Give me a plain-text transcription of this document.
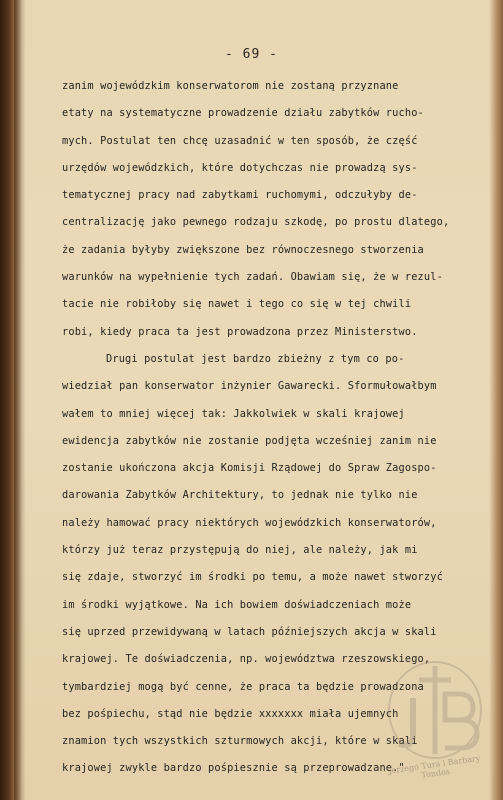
- 69 -
zanim wojewódzkim konserwatorom nie zostaną przyznane
etaty na systematyczne prowadzenie działu zabytków rucho-
mych. Postulat ten chcę uzasadnić w ten sposób, że część
urzędów wojewódzkich, które dotychczas nie prowadzą sys-
tematycznej pracy nad zabytkami ruchomymi, odczułyby de-
centralizację jako pewnego rodzaju szkodę, po prostu dlatego,
że zadania byłyby zwiększone bez równoczesnego stworzenia
warunków na wypełnienie tych zadań. Obawiam się, że w rezul-
tacie nie robiłoby się nawet i tego co się w tej chwili
robi, kiedy praca ta jest prowadzona przez Ministerstwo.
Drugi postulat jest bardzo zbieżny z tym co po-
wiedział pan konserwator inżynier Gawarecki. Sformułowałbym
wałem to mniej więcej tak: Jakkolwiek w skali krajowej
ewidencja zabytków nie zostanie podjęta wcześniej zanim nie
zostanie ukończona akcja Komisji Rządowej do Spraw Zagospo-
darowania Zabytków Architektury, to jednak nie tylko nie
należy hamować pracy niektórych wojewódzkich konserwatorów,
którzy już teraz przystępują do niej, ale należy, jak mi
się zdaje, stworzyć im środki po temu, a może nawet stworzyć
im środki wyjątkowe. Na ich bowiem doświadczeniach może
się uprzed przewidywaną w latach późniejszych akcja w skali
krajowej. Te doświadczenia, np. województwa rzeszowskiego,
tymbardziej mogą być cenne, że praca ta będzie prowadzona
bez pośpiechu, stąd nie będzie xxxxxxx miała ujemnych
znamion tych wszystkich szturmowych akcji, które w skali
krajowej zwykle bardzo pośpiesznie są przeprowadzane."
Jerzego Tura i Barbary Tondos
